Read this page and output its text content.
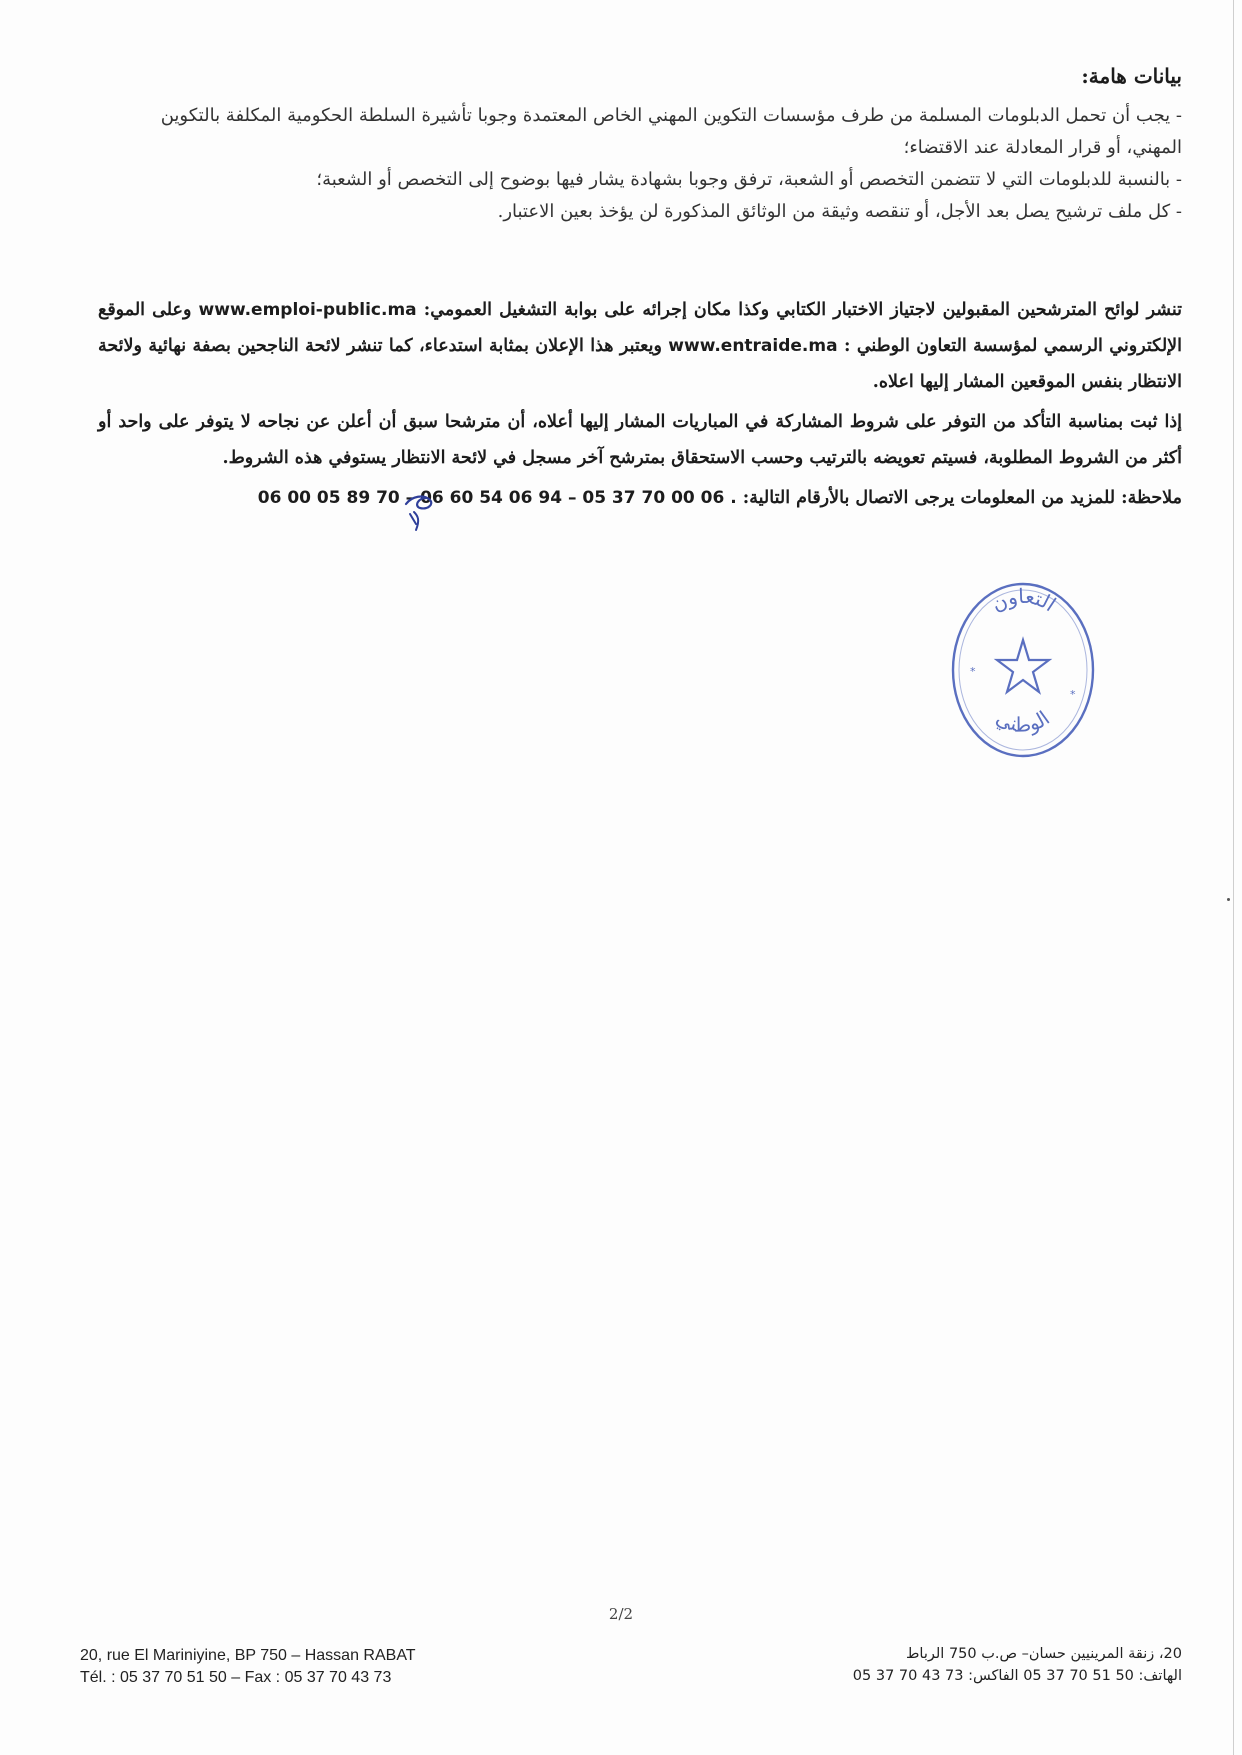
بيانات هامة:

- يجب أن تحمل الدبلومات المسلمة من طرف مؤسسات التكوين المهني الخاص المعتمدة وجوبا تأشيرة السلطة الحكومية المكلفة بالتكوين المهني، أو قرار المعادلة عند الاقتضاء؛

- بالنسبة للدبلومات التي لا تتضمن التخصص أو الشعبة، ترفق وجوبا بشهادة يشار فيها بوضوح إلى التخصص أو الشعبة؛

- كل ملف ترشيح يصل بعد الأجل، أو تنقصه وثيقة من الوثائق المذكورة لن يؤخذ بعين الاعتبار.

تنشر لوائح المترشحين المقبولين لاجتياز الاختبار الكتابي وكذا مكان إجرائه على بوابة التشغيل العمومي: www.emploi-public.ma وعلى الموقع الإلكتروني الرسمي لمؤسسة التعاون الوطني : www.entraide.ma ويعتبر هذا الإعلان بمثابة استدعاء، كما تنشر لائحة الناجحين بصفة نهائية ولائحة الانتظار بنفس الموقعين المشار إليها اعلاه.

إذا ثبت بمناسبة التأكد من التوفر على شروط المشاركة في المباريات المشار إليها أعلاه، أن مترشحا سبق أن أعلن عن نجاحه لا يتوفر على واحد أو أكثر من الشروط المطلوبة، فسيتم تعويضه بالترتيب وحسب الاستحقاق بمترشح آخر مسجل في لائحة الانتظار يستوفي هذه الشروط.

ملاحظة: للمزيد من المعلومات يرجى الاتصال بالأرقام التالية: 06 00 05 89 70 – 06 60 54 06 94 – 05 37 70 00 06 .

*
*
التعاون
الوطني
2/2
20, rue El Mariniyine, BP 750 – Hassan RABAT
Tél. : 05 37 70 51 50 – Fax : 05 37 70 43 73
20، زنقة المرينيين حسان– ص.ب 750 الرباط
الهاتف: 50 51 70 37 05 الفاكس: 73 43 70 37 05
